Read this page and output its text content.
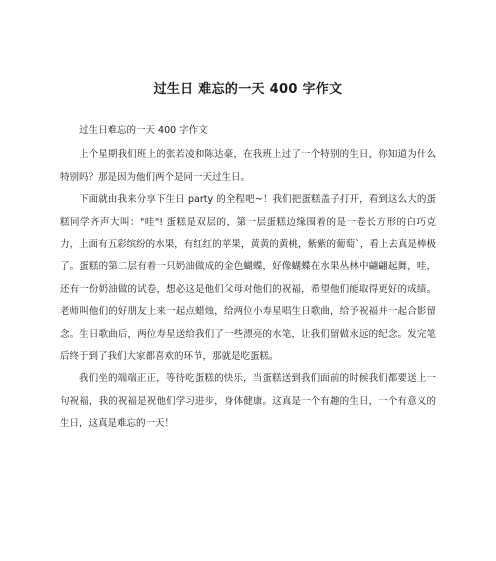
过生日 难忘的一天 400 字作文

过生日难忘的一天 400 字作文

上个星期我们班上的张若凌和陈达豪，在我班上过了一个特别的生日，你知道为什么特别吗？那是因为他们两个是同一天过生日。

下面就由我来分享下生日 party 的全程吧~！我们把蛋糕盖子打开，看到这么大的蛋糕同学齐声大叫："哇"! 蛋糕是双层的，第一层蛋糕边缘围着的是一卷长方形的白巧克力，上面有五彩缤纷的水果，有红红的苹果，黄黄的黄桃，紫紫的葡萄`，看上去真是棒极了。蛋糕的第二层有着一只奶油做成的金色蝴蝶，好像蝴蝶在水果丛林中翩翩起舞，哇，还有一份奶油做的试卷，想必这是他们父母对他们的祝福，希望他们能取得更好的成绩。老师叫他们的好朋友上来一起点蜡烛，给两位小寿星唱生日歌曲，给予祝福并一起合影留念。生日歌曲后，两位寿星送给我们了一些漂亮的水笔，让我们留做永远的纪念。发完笔后终于到了我们大家都喜欢的环节，那就是吃蛋糕。

我们坐的端端正正，等待吃蛋糕的快乐，当蛋糕送到我们面前的时候我们都要送上一句祝福，我的祝福是祝他们学习进步，身体健康。这真是一个有趣的生日，一个有意义的生日，这真是难忘的一天！
